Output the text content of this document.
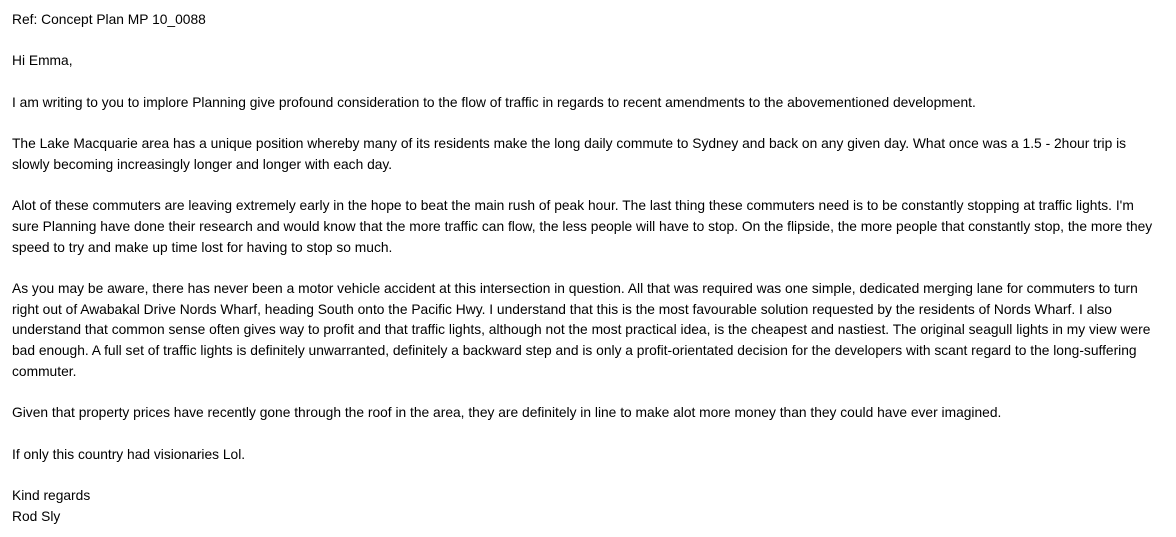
Ref: Concept Plan MP 10_0088

Hi Emma,

I am writing to you to implore Planning give profound consideration to the flow of traffic in regards to recent amendments to the abovementioned development.

The Lake Macquarie area has a unique position whereby many of its residents make the long daily commute to Sydney and back on any given day. What once was a 1.5 - 2hour trip is slowly becoming increasingly longer and longer with each day.

Alot of these commuters are leaving extremely early in the hope to beat the main rush of peak hour. The last thing these commuters need is to be constantly stopping at traffic lights. I'm sure Planning have done their research and would know that the more traffic can flow, the less people will have to stop. On the flipside, the more people that constantly stop, the more they speed to try and make up time lost for having to stop so much.

As you may be aware, there has never been a motor vehicle accident at this intersection in question. All that was required was one simple, dedicated merging lane for commuters to turn right out of Awabakal Drive Nords Wharf, heading South onto the Pacific Hwy. I understand that this is the most favourable solution requested by the residents of Nords Wharf. I also understand that common sense often gives way to profit and that traffic lights, although not the most practical idea, is the cheapest and nastiest. The original seagull lights in my view were bad enough. A full set of traffic lights is definitely unwarranted, definitely a backward step and is only a profit-orientated decision for the developers with scant regard to the long-suffering commuter.

Given that property prices have recently gone through the roof in the area, they are definitely in line to make alot more money than they could have ever imagined.

If only this country had visionaries Lol.

Kind regards

Rod Sly
